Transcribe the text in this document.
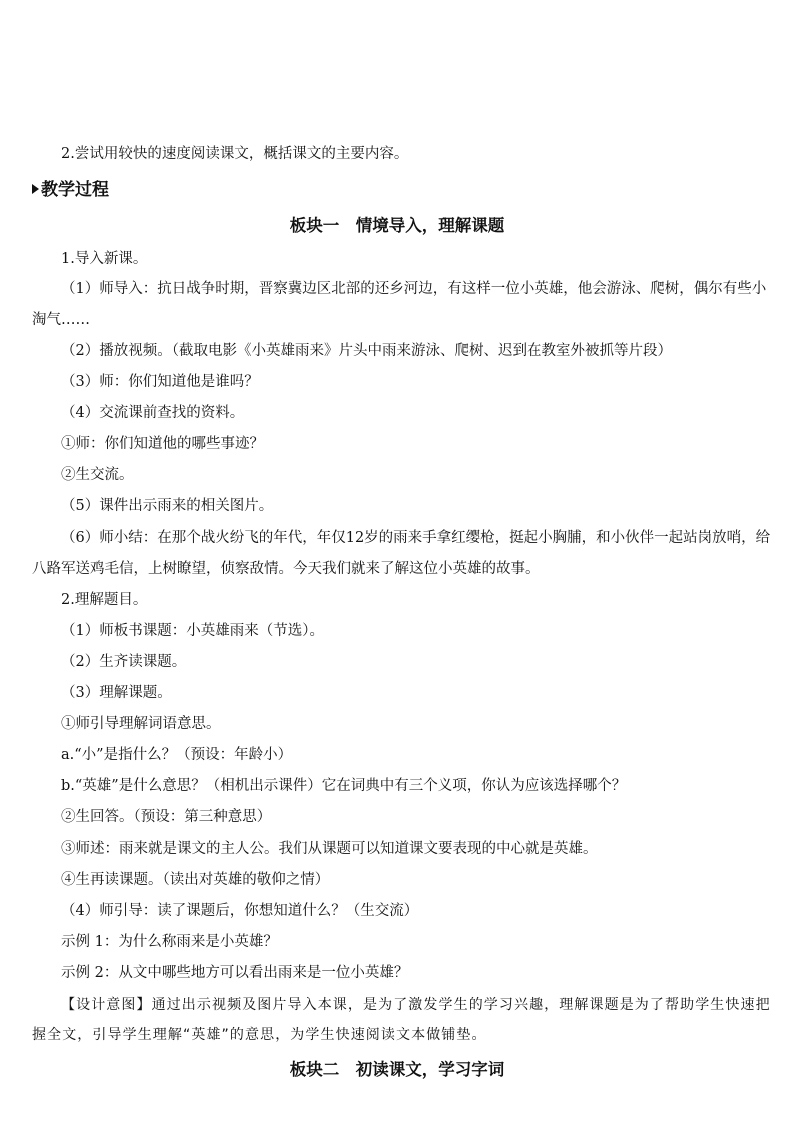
2.尝试用较快的速度阅读课文，概括课文的主要内容。
教学过程
板块一　情境导入，理解课题
1.导入新课。
（1）师导入：抗日战争时期，晋察冀边区北部的还乡河边，有这样一位小英雄，他会游泳、爬树，偶尔有些小淘气……
（2）播放视频。（截取电影《小英雄雨来》片头中雨来游泳、爬树、迟到在教室外被抓等片段）
（3）师：你们知道他是谁吗？
（4）交流课前查找的资料。
①师：你们知道他的哪些事迹？
②生交流。
（5）课件出示雨来的相关图片。
（6）师小结：在那个战火纷飞的年代，年仅12岁的雨来手拿红缨枪，挺起小胸脯，和小伙伴一起站岗放哨，给八路军送鸡毛信，上树瞭望，侦察敌情。今天我们就来了解这位小英雄的故事。
2.理解题目。
（1）师板书课题：小英雄雨来（节选）。
（2）生齐读课题。
（3）理解课题。
①师引导理解词语意思。
a.“小”是指什么？（预设：年龄小）
b.“英雄”是什么意思？（相机出示课件）它在词典中有三个义项，你认为应该选择哪个？
②生回答。（预设：第三种意思）
③师述：雨来就是课文的主人公。我们从课题可以知道课文要表现的中心就是英雄。
④生再读课题。（读出对英雄的敬仰之情）
（4）师引导：读了课题后，你想知道什么？（生交流）
示例 1：为什么称雨来是小英雄？
示例 2：从文中哪些地方可以看出雨来是一位小英雄？
【设计意图】通过出示视频及图片导入本课，是为了激发学生的学习兴趣，理解课题是为了帮助学生快速把握全文，引导学生理解“英雄”的意思，为学生快速阅读文本做铺垫。
板块二　初读课文，学习字词
